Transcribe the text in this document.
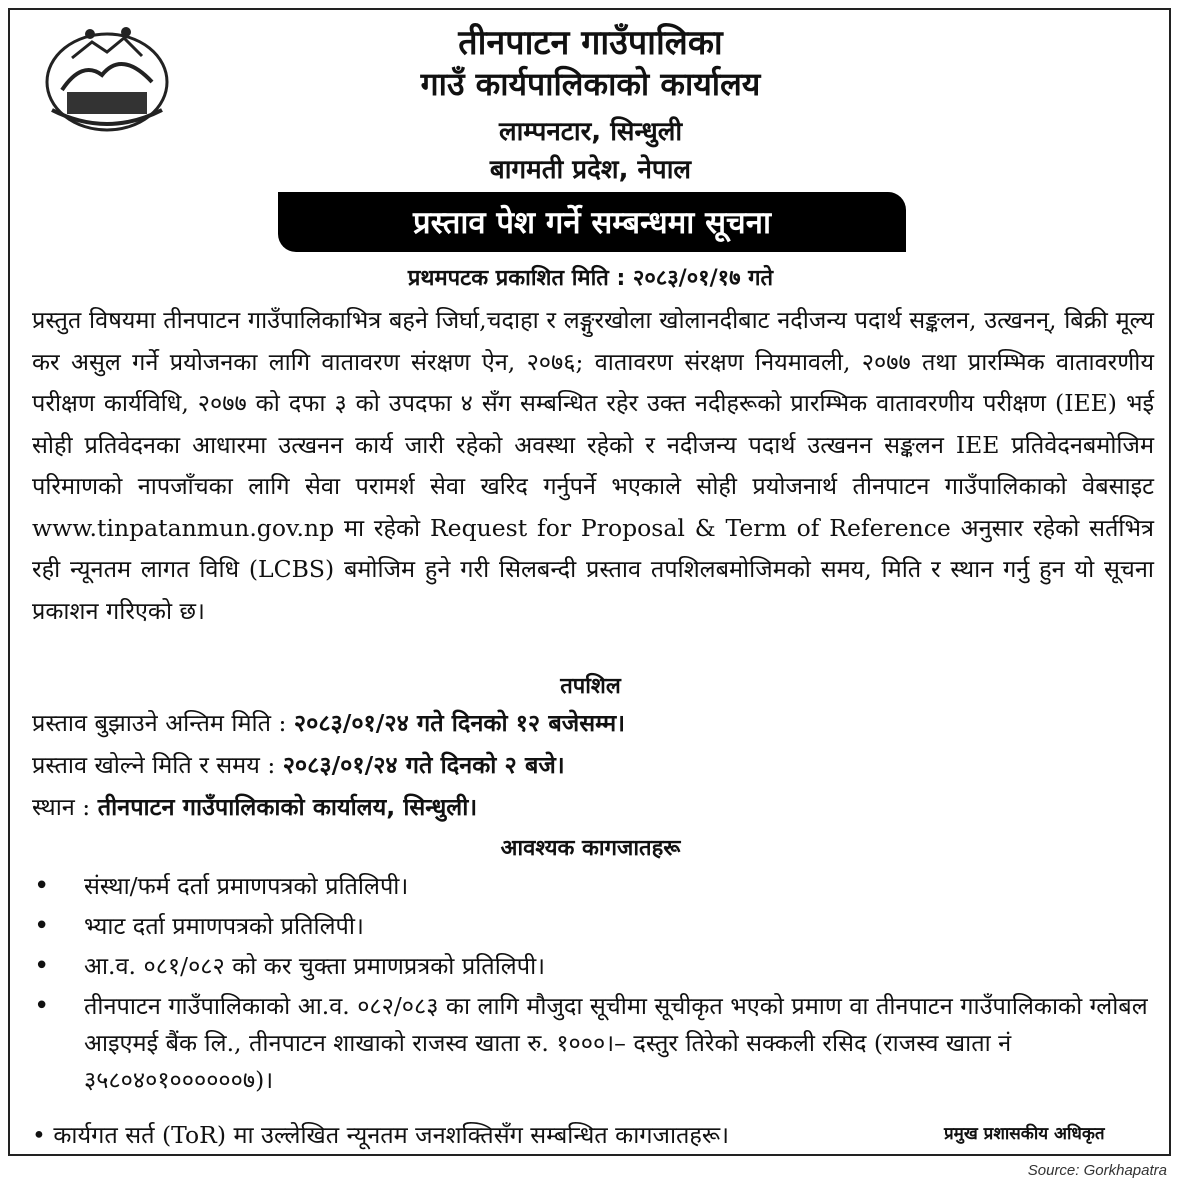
तीनपाटन गाउँपालिका
गाउँ कार्यपालिकाको कार्यालय
लाम्पनटार, सिन्धुली
बागमती प्रदेश, नेपाल
प्रस्ताव पेश गर्ने सम्बन्धमा सूचना
प्रथमपटक प्रकाशित मिति : २०८३/०१/१७ गते
प्रस्तुत विषयमा तीनपाटन गाउँपालिकाभित्र बहने जिर्घा,चदाहा र लङ्गुरखोला खोलानदीबाट नदीजन्य पदार्थ सङ्कलन, उत्खनन्, बिक्री मूल्य कर असुल गर्ने प्रयोजनका लागि वातावरण संरक्षण ऐन, २०७६; वातावरण संरक्षण नियमावली, २०७७ तथा प्रारम्भिक वातावरणीय परीक्षण कार्यविधि, २०७७ को दफा ३ को उपदफा ४ सँग सम्बन्धित रहेर उक्त नदीहरूको प्रारम्भिक वातावरणीय परीक्षण (IEE) भई सोही प्रतिवेदनका आधारमा उत्खनन कार्य जारी रहेको अवस्था रहेको र नदीजन्य पदार्थ उत्खनन सङ्कलन IEE प्रतिवेदनबमोजिम परिमाणको नापजाँचका लागि सेवा परामर्श सेवा खरिद गर्नुपर्ने भएकाले सोही प्रयोजनार्थ तीनपाटन गाउँपालिकाको वेबसाइट www.tinpatanmun.gov.np मा रहेको Request for Proposal & Term of Reference अनुसार रहेको सर्तभित्र रही न्यूनतम लागत विधि (LCBS) बमोजिम हुने गरी सिलबन्दी प्रस्ताव तपशिलबमोजिमको समय, मिति र स्थान गर्नु हुन यो सूचना प्रकाशन गरिएको छ।
तपशिल
प्रस्ताव बुझाउने अन्तिम मिति : २०८३/०१/२४ गते दिनको १२ बजेसम्म।
प्रस्ताव खोल्ने मिति र समय : २०८३/०१/२४ गते दिनको २ बजे।
स्थान : तीनपाटन गाउँपालिकाको कार्यालय, सिन्धुली।
आवश्यक कागजातहरू
• संस्था/फर्म दर्ता प्रमाणपत्रको प्रतिलिपी।
• भ्याट दर्ता प्रमाणपत्रको प्रतिलिपी।
• आ.व. ०८१/०८२ को कर चुक्ता प्रमाणप्रत्रको प्रतिलिपी।
• तीनपाटन गाउँपालिकाको आ.व. ०८२/०८३ का लागि मौजुदा सूचीमा सूचीकृत भएको प्रमाण वा तीनपाटन गाउँपालिकाको ग्लोबल आइएमई बैंक लि., तीनपाटन शाखाको राजस्व खाता रु. १०००।– दस्तुर तिरेको सक्कली रसिद (राजस्व खाता नं ३५८०४०१००००००७)।
• कार्यगत सर्त (ToR) मा उल्लेखित न्यूनतम जनशक्तिसँग सम्बन्धित कागजातहरू।	प्रमुख प्रशासकीय अधिकृत
Source: Gorkhapatra
